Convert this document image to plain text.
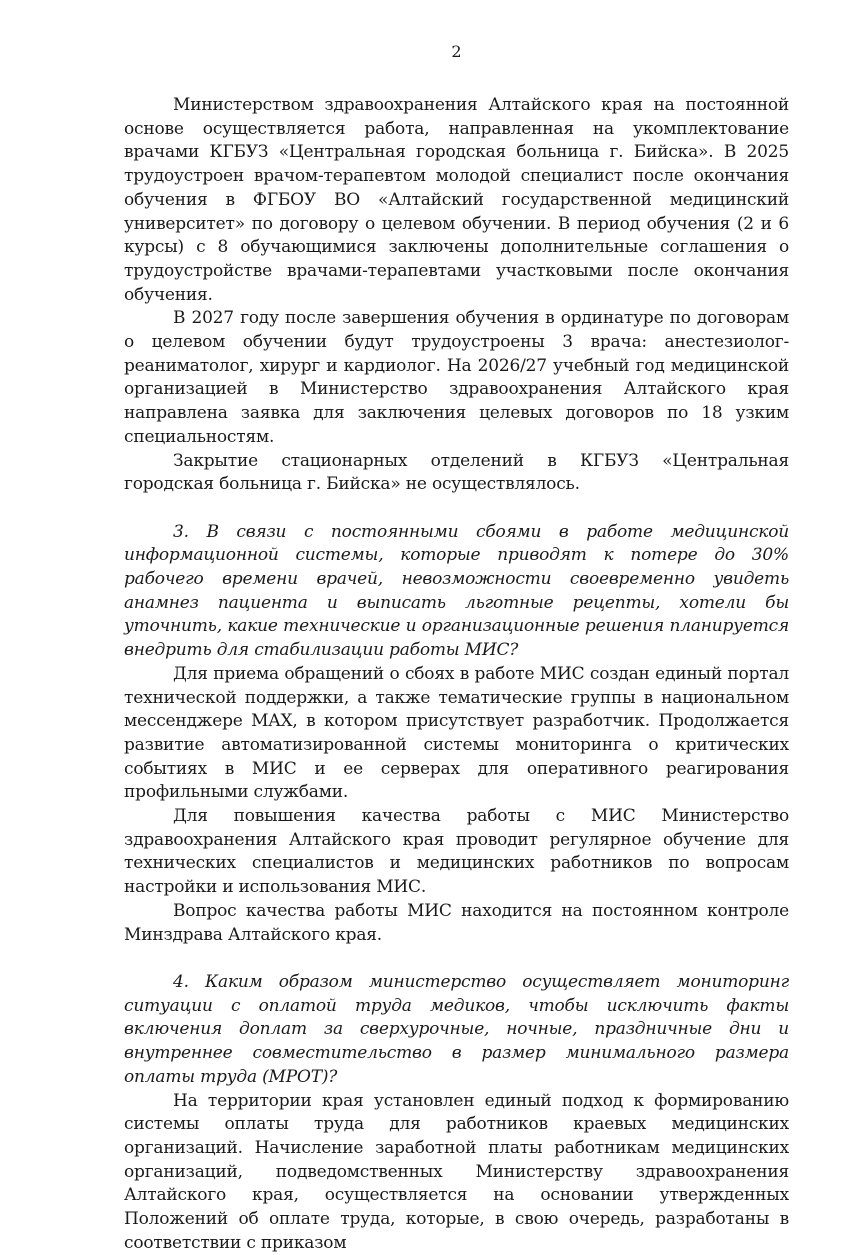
2

Министерством здравоохранения Алтайского края на постоянной основе осуществляется работа, направленная на укомплектование врачами КГБУЗ «Центральная городская больница г. Бийска». В 2025 трудоустроен врачом-терапевтом молодой специалист после окончания обучения в ФГБОУ ВО «Алтайский государственной медицинский университет» по договору о целевом обучении. В период обучения (2 и 6 курсы) с 8 обучающимися заключены дополнительные соглашения о трудоустройстве врачами-терапевтами участковыми после окончания обучения.

В 2027 году после завершения обучения в ординатуре по договорам о целевом обучении будут трудоустроены 3 врача: анестезиолог-реаниматолог, хирург и кардиолог. На 2026/27 учебный год медицинской организацией в Министерство здравоохранения Алтайского края направлена заявка для заключения целевых договоров по 18 узким специальностям.

Закрытие стационарных отделений в КГБУЗ «Центральная городская больница г. Бийска» не осуществлялось.

3. В связи с постоянными сбоями в работе медицинской информационной системы, которые приводят к потере до 30% рабочего времени врачей, невозможности своевременно увидеть анамнез пациента и выписать льготные рецепты, хотели бы уточнить, какие технические и организационные решения планируется внедрить для стабилизации работы МИС?

Для приема обращений о сбоях в работе МИС создан единый портал технической поддержки, а также тематические группы в национальном мессенджере MAX, в котором присутствует разработчик. Продолжается развитие автоматизированной системы мониторинга о критических событиях в МИС и ее серверах для оперативного реагирования профильными службами.

Для повышения качества работы с МИС Министерство здравоохранения Алтайского края проводит регулярное обучение для технических специалистов и медицинских работников по вопросам настройки и использования МИС.

Вопрос качества работы МИС находится на постоянном контроле Минздрава Алтайского края.

4. Каким образом министерство осуществляет мониторинг ситуации с оплатой труда медиков, чтобы исключить факты включения доплат за сверхурочные, ночные, праздничные дни и внутреннее совместительство в размер минимального размера оплаты труда (МРОТ)?

На территории края установлен единый подход к формированию системы оплаты труда для работников краевых медицинских организаций. Начисление заработной платы работникам медицинских организаций, подведомственных Министерству здравоохранения Алтайского края, осуществляется на основании утвержденных Положений об оплате труда, которые, в свою очередь, разработаны в соответствии с приказом
